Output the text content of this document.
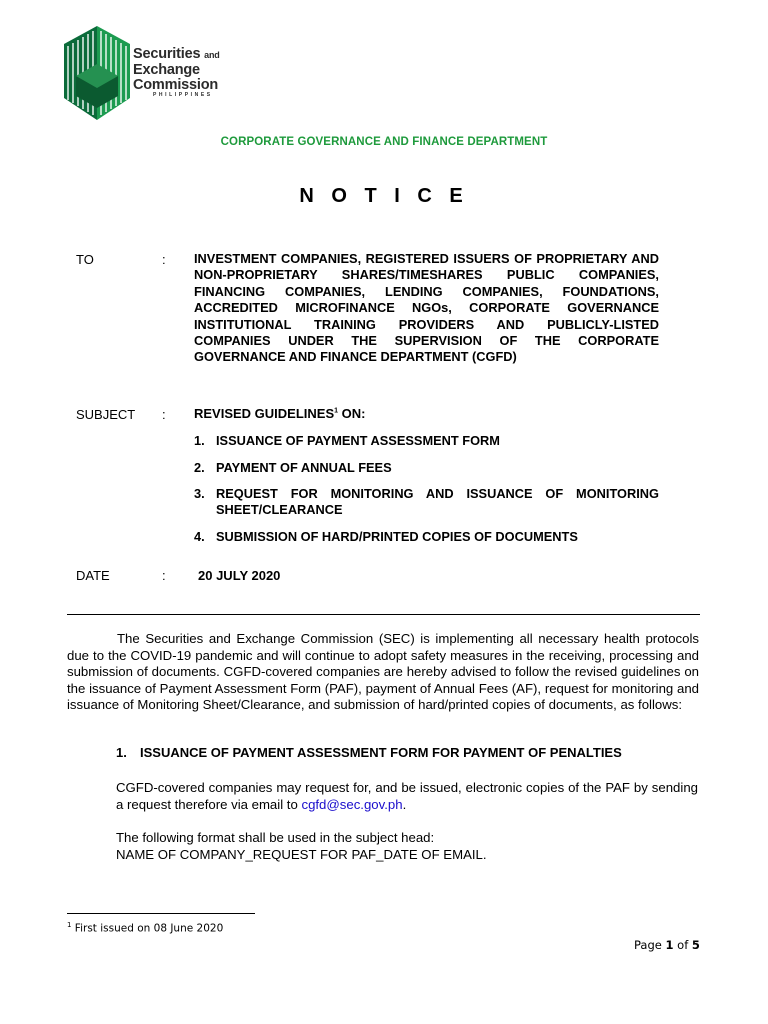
Securities and
Exchange
Commission
PHILIPPINES
CORPORATE GOVERNANCE AND FINANCE DEPARTMENT
N O T I C E
TO	: INVESTMENT COMPANIES, REGISTERED ISSUERS OF PROPRIETARY AND NON-PROPRIETARY SHARES/TIMESHARES PUBLIC COMPANIES, FINANCING COMPANIES, LENDING COMPANIES, FOUNDATIONS, ACCREDITED MICROFINANCE NGOs, CORPORATE GOVERNANCE INSTITUTIONAL TRAINING PROVIDERS AND PUBLICLY-LISTED COMPANIES UNDER THE SUPERVISION OF THE CORPORATE GOVERNANCE AND FINANCE DEPARTMENT (CGFD)
SUBJECT : REVISED GUIDELINES$^1$ ON:
1. ISSUANCE OF PAYMENT ASSESSMENT FORM
2. PAYMENT OF ANNUAL FEES
3. REQUEST FOR MONITORING AND ISSUANCE OF MONITORING SHEET/CLEARANCE
4. SUBMISSION OF HARD/PRINTED COPIES OF DOCUMENTS
DATE	: 20 JULY 2020
The Securities and Exchange Commission (SEC) is implementing all necessary health protocols due to the COVID-19 pandemic and will continue to adopt safety measures in the receiving, processing and submission of documents. CGFD-covered companies are hereby advised to follow the revised guidelines on the issuance of Payment Assessment Form (PAF), payment of Annual Fees (AF), request for monitoring and issuance of Monitoring Sheet/Clearance, and submission of hard/printed copies of documents, as follows:
1. ISSUANCE OF PAYMENT ASSESSMENT FORM FOR PAYMENT OF PENALTIES
CGFD-covered companies may request for, and be issued, electronic copies of the PAF by sending a request therefore via email to cgfd@sec.gov.ph.
The following format shall be used in the subject head:
NAME OF COMPANY_REQUEST FOR PAF_DATE OF EMAIL.
$^1$ First issued on 08 June 2020
Page 1 of 5
